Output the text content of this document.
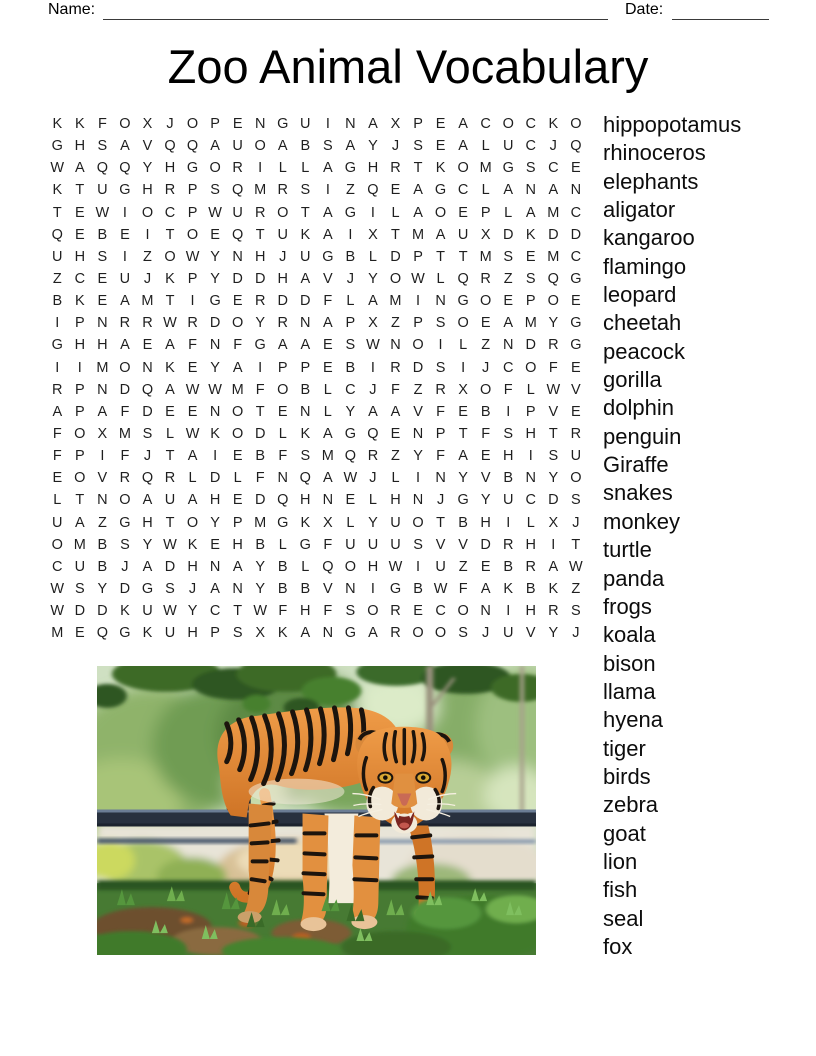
Name:	Date:
Zoo Animal Vocabulary
K K F O X J O P E N G U	I	N A X P E A C O C K O
G H S A V Q Q A U O A B S A Y J S E A L U C J Q
W A Q Q Y H G O R	I	L L A G H R T K O M G S C E
K T U G H R P S Q M R S	I	Z Q E A G C L A N A N
T E W I	O C P W U R O T A G	I	L A O E P L A M C
Q E B E	I	T O E Q T U K A	I	X T M A U X D K D D
U H S	I	Z O W Y N H J U G B L D P T T M S E M C
Z C E U J K P Y D D H A V J Y O W L Q R Z S Q G
B K E A M T	I	G E R D D F L A M I	N G O E P O E
I	P N R R W R D O Y R N A P X Z P S O E A M Y G
G H H A E A F N F G A A E S W N O	I	L Z N D R G
I	I M O N K E Y A	I	P P E B	I	R D S	I	J C O F E
R P N D Q A W W M F O B L C J	F Z R X O F L W V
A P A F D E E N O T E N L Y A A V F E B	I	P V E
F O X M S L W K O D L K A G Q E N P T F S H T R
F P	I	F J	T A	I	E B F S M Q R Z Y F A E H	I	S U
E O V R Q R L D L F N Q A W J	L	I	N Y V B N Y O
L T N O A U A H E D Q H N E L H N J G Y U C D S
U A Z G H T O Y P M G K X L Y U O T B H	I	L X J
O M B S Y W K E H B L G F U U U S V V D R H	I	T
C U B J A D H N A Y B L Q O H W I	U Z E B R A W
W S Y D G S J A N Y B B V N	I	G B W F A K B K Z
W D D K U W Y C T W F H F S O R E C O N	I	H R S
M E Q G K U H P S X K A N G A R O O S J U V Y J
hippopotamus
rhinoceros
elephants
aligator
kangaroo
flamingo
leopard
cheetah
peacock
gorilla
dolphin
penguin
Giraffe
snakes
monkey
turtle
panda
frogs
koala
bison
llama
hyena
tiger
birds
zebra
goat
lion
fish
seal
fox
